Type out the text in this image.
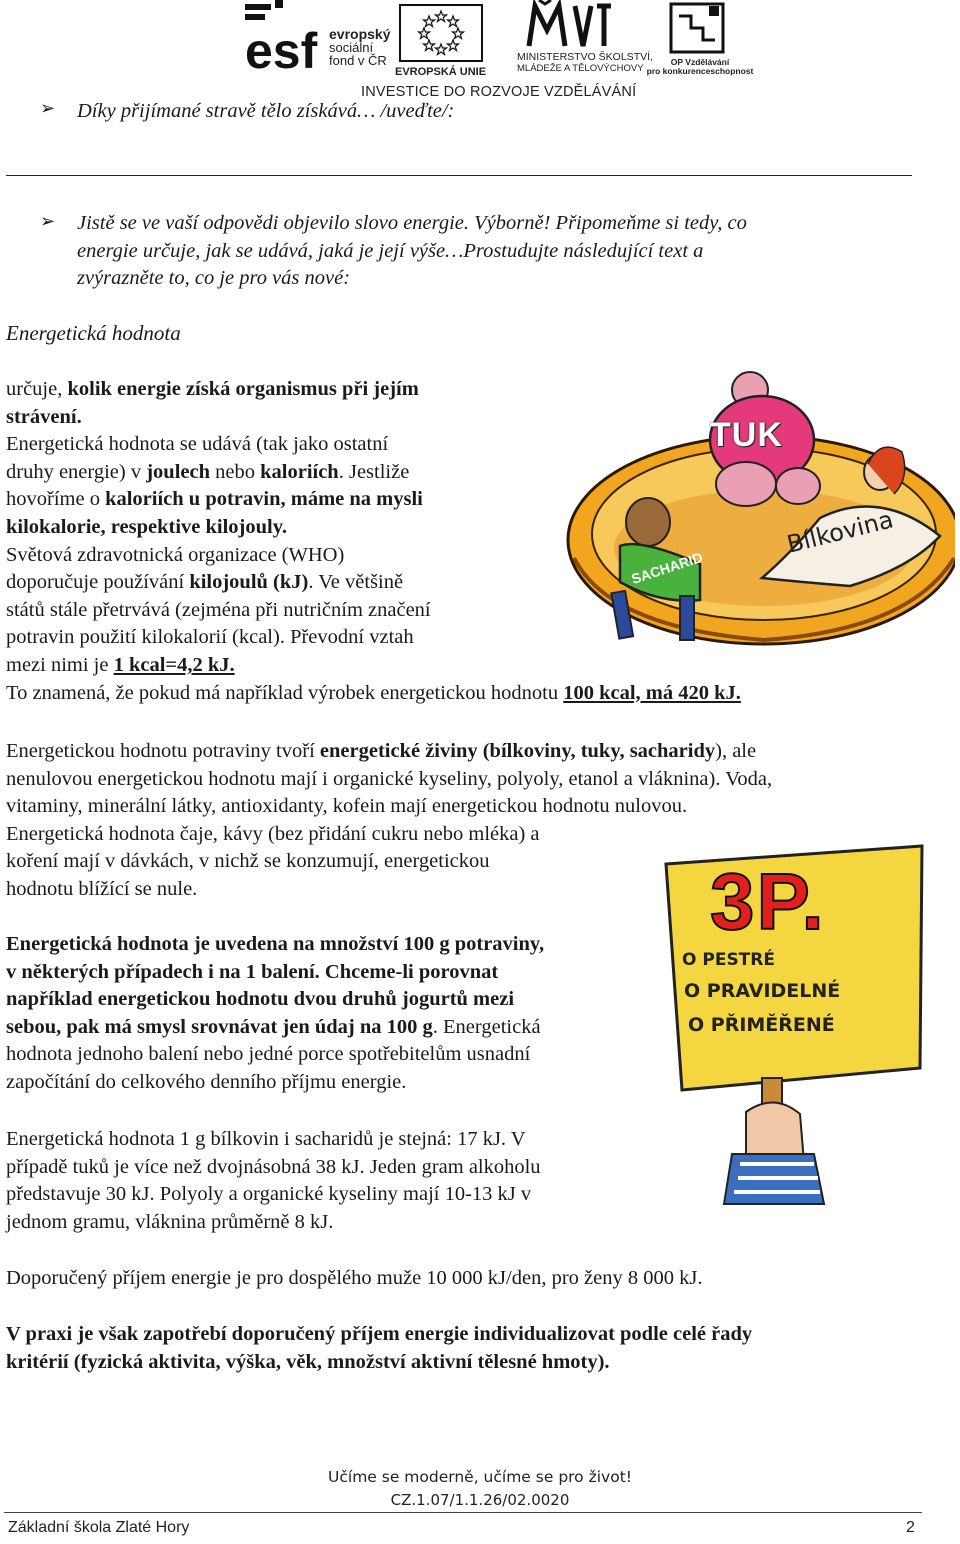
esf evropský
sociální
fond v ČR
EVROPSKÁ UNIE
MINISTERSTVO ŠKOLSTVÍ,
MLÁDEŽE A TĚLOVÝCHOVY
OP Vzdělávání
pro konkurenceschopnost
INVESTICE DO ROZVOJE VZDĚLÁVÁNÍ
➢ Díky přijímané stravě tělo získává… /uveďte/:
➢ Jistě se ve vaší odpovědi objevilo slovo energie. Výborně! Připomeňme si tedy, co
energie určuje, jak se udává, jaká je její výše…Prostudujte následující text a
zvýrazněte to, co je pro vás nové:
Energetická hodnota
určuje, kolik energie získá organismus při jejím
strávení.
Energetická hodnota se udává (tak jako ostatní
druhy energie) v joulech nebo kaloriích. Jestliže
hovoříme o kaloriích u potravin, máme na mysli
kilokalorie, respektive kilojouly.
Světová zdravotnická organizace (WHO)
doporučuje používání kilojoulů (kJ). Ve většině
států stále přetrvává (zejména při nutričním značení
potravin použití kilokalorií (kcal). Převodní vztah
mezi nimi je 1 kcal=4,2 kJ.
To znamená, že pokud má například výrobek energetickou hodnotu 100 kcal, má 420 kJ.
TUK
SACHARID
Bílkovina
Energetickou hodnotu potraviny tvoří energetické živiny (bílkoviny, tuky, sacharidy), ale
nenulovou energetickou hodnotu mají i organické kyseliny, polyoly, etanol a vláknina). Voda,
vitaminy, minerální látky, antioxidanty, kofein mají energetickou hodnotu nulovou.
Energetická hodnota čaje, kávy (bez přidání cukru nebo mléka) a
koření mají v dávkách, v nichž se konzumují, energetickou
hodnotu blížící se nule.	3P.
O PESTRÉ
O PRAVIDELNÉ
O PŘIMĚŘENÉ
Energetická hodnota je uvedena na množství 100 g potraviny,
v některých případech i na 1 balení. Chceme-li porovnat
například energetickou hodnotu dvou druhů jogurtů mezi
sebou, pak má smysl srovnávat jen údaj na 100 g. Energetická
hodnota jednoho balení nebo jedné porce spotřebitelům usnadní
započítání do celkového denního příjmu energie.
Energetická hodnota 1 g bílkovin i sacharidů je stejná: 17 kJ. V
případě tuků je více než dvojnásobná 38 kJ. Jeden gram alkoholu
představuje 30 kJ. Polyoly a organické kyseliny mají 10-13 kJ v
jednom gramu, vláknina průměrně 8 kJ.
Doporučený příjem energie je pro dospělého muže 10 000 kJ/den, pro ženy 8 000 kJ.
V praxi je však zapotřebí doporučený příjem energie individualizovat podle celé řady
kritérií (fyzická aktivita, výška, věk, množství aktivní tělesné hmoty).
Učíme se moderně, učíme se pro život!
CZ.1.07/1.1.26/02.0020
Základní škola Zlaté Hory	2
